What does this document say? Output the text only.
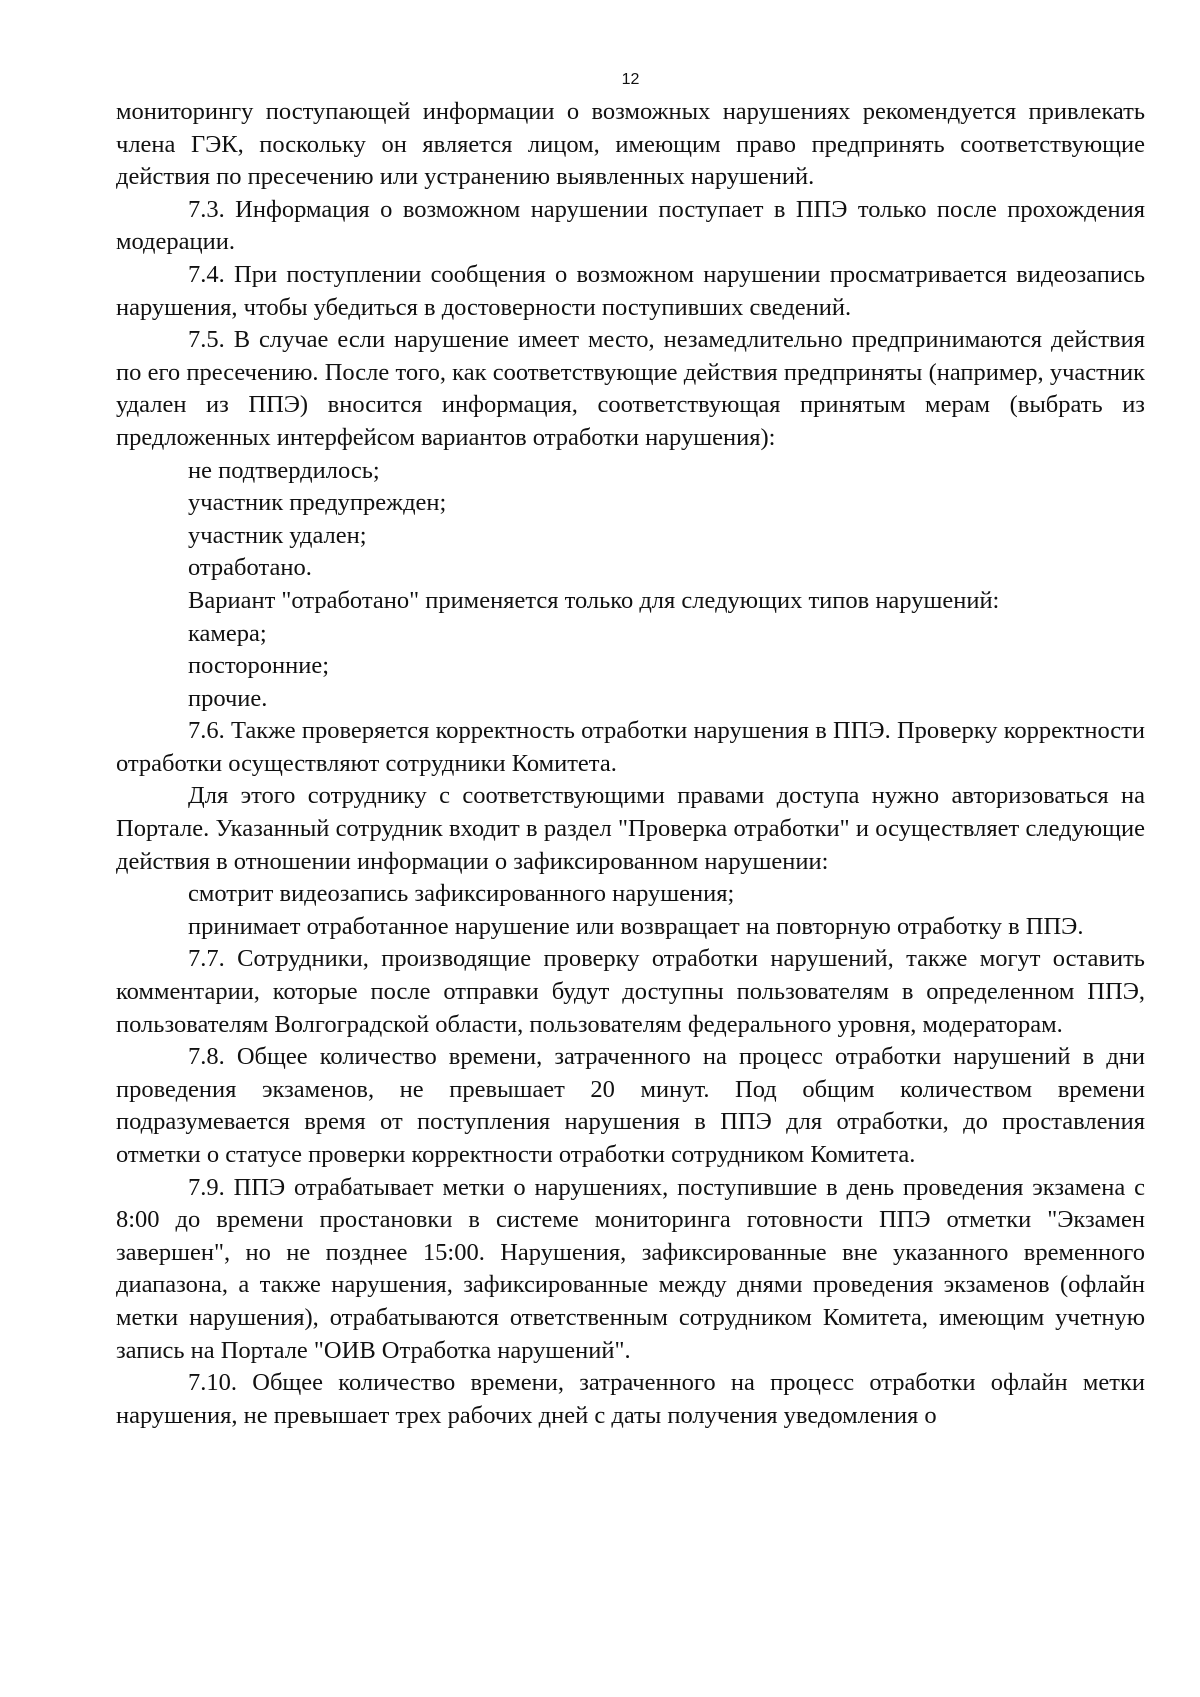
12

мониторингу поступающей информации о возможных нарушениях рекомендуется привлекать члена ГЭК, поскольку он является лицом, имеющим право предпринять соответствующие действия по пресечению или устранению выявленных нарушений.

7.3. Информация о возможном нарушении поступает в ППЭ только после прохождения модерации.

7.4. При поступлении сообщения о возможном нарушении просматривается видеозапись нарушения, чтобы убедиться в достоверности поступивших сведений.

7.5. В случае если нарушение имеет место, незамедлительно предпринимаются действия по его пресечению. После того, как соответствующие действия предприняты (например, участник удален из ППЭ) вносится информация, соответствующая принятым мерам (выбрать из предложенных интерфейсом вариантов отработки нарушения):

не подтвердилось;

участник предупрежден;

участник удален;

отработано.

Вариант "отработано" применяется только для следующих типов нарушений:

камера;

посторонние;

прочие.

7.6. Также проверяется корректность отработки нарушения в ППЭ. Проверку корректности отработки осуществляют сотрудники Комитета.

Для этого сотруднику с соответствующими правами доступа нужно авторизоваться на Портале. Указанный сотрудник входит в раздел "Проверка отработки" и осуществляет следующие действия в отношении информации о зафиксированном нарушении:

смотрит видеозапись зафиксированного нарушения;

принимает отработанное нарушение или возвращает на повторную отработку в ППЭ.

7.7. Сотрудники, производящие проверку отработки нарушений, также могут оставить комментарии, которые после отправки будут доступны пользователям в определенном ППЭ, пользователям Волгоградской области, пользователям федерального уровня, модераторам.

7.8. Общее количество времени, затраченного на процесс отработки нарушений в дни проведения экзаменов, не превышает 20 минут. Под общим количеством времени подразумевается время от поступления нарушения в ППЭ для отработки, до проставления отметки о статусе проверки корректности отработки сотрудником Комитета.

7.9. ППЭ отрабатывает метки о нарушениях, поступившие в день проведения экзамена с 8:00 до времени простановки в системе мониторинга готовности ППЭ отметки "Экзамен завершен", но не позднее 15:00. Нарушения, зафиксированные вне указанного временного диапазона, а также нарушения, зафиксированные между днями проведения экзаменов (офлайн метки нарушения), отрабатываются ответственным сотрудником Комитета, имеющим учетную запись на Портале "ОИВ Отработка нарушений".

7.10. Общее количество времени, затраченного на процесс отработки офлайн метки нарушения, не превышает трех рабочих дней с даты получения уведомления о
